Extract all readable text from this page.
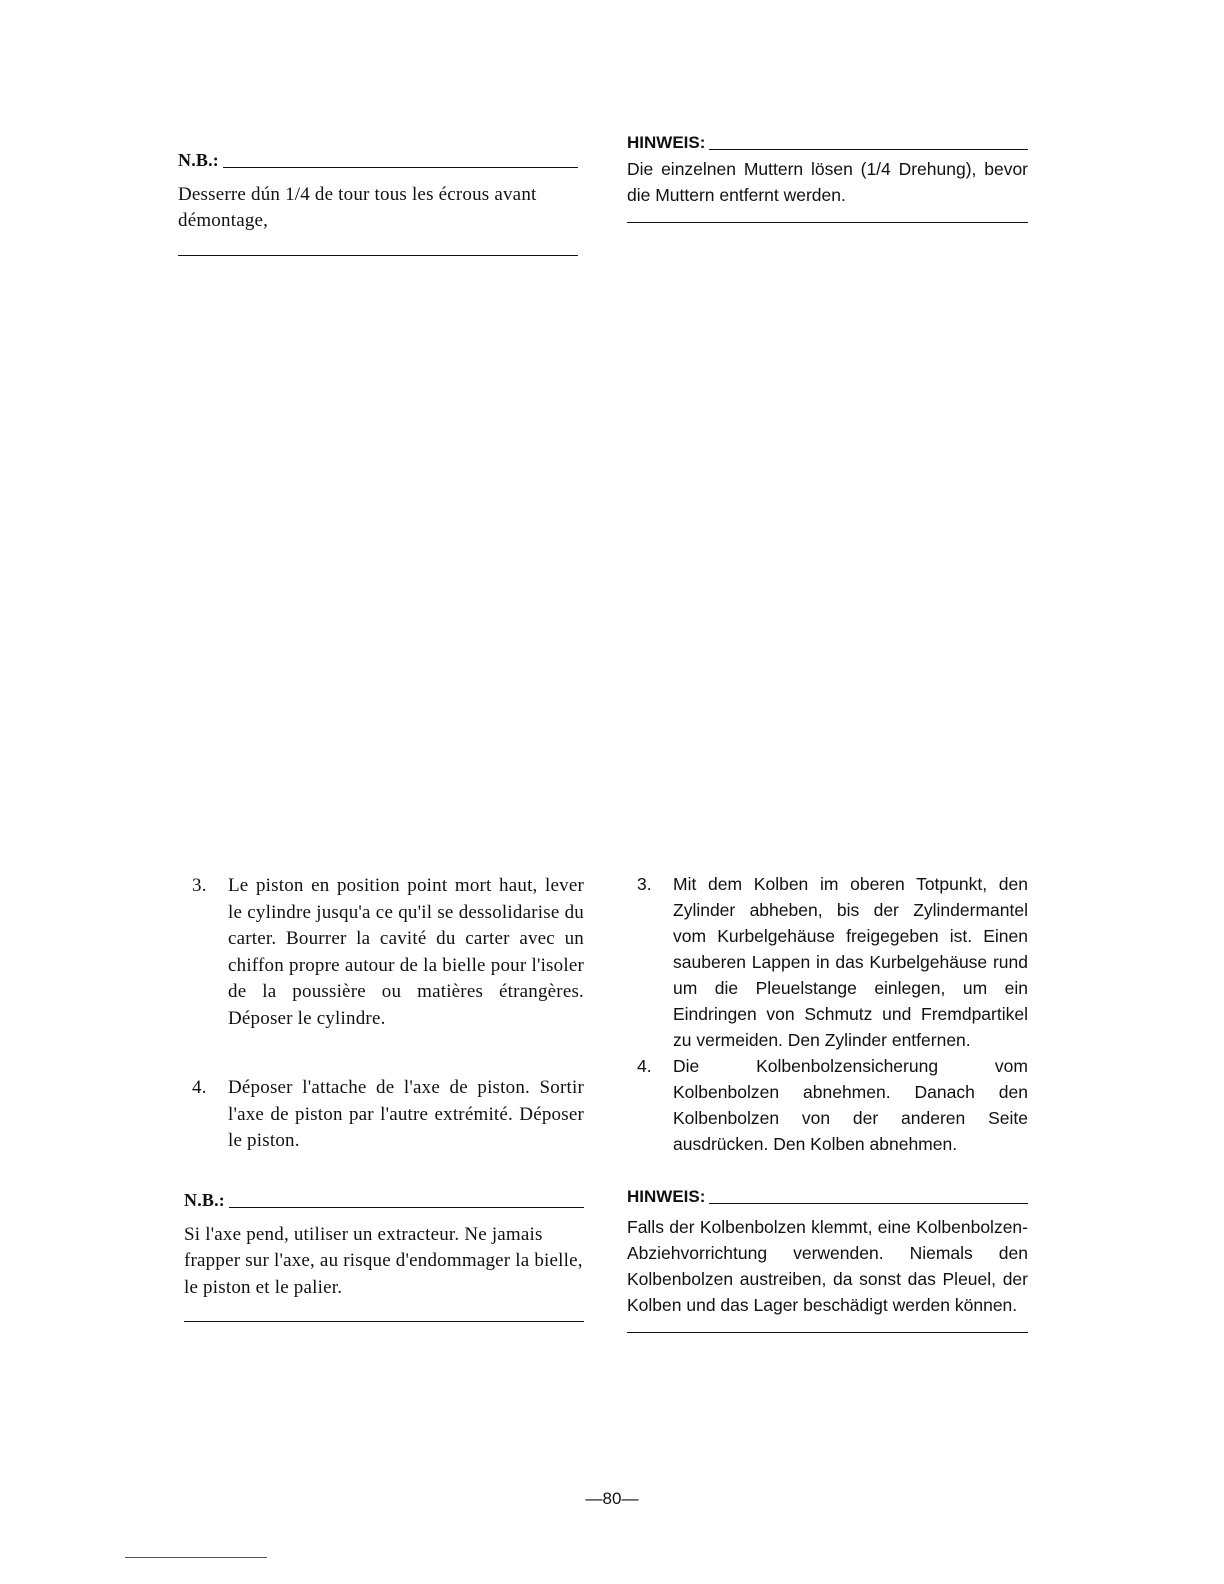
N.B.:

Desserre dún 1/4 de tour tous les écrous avant démontage,

HINWEIS:

Die einzelnen Muttern lösen (1/4 Drehung), bevor die Muttern entfernt werden.

3.	Le piston en position point mort haut, lever le cylindre jusqu'a ce qu'il se dessolidarise du carter. Bourrer la cavité du carter avec un chiffon propre autour de la bielle pour l'isoler de la poussière ou matières étrangères. Déposer le cylindre.
4.	Déposer l'attache de l'axe de piston. Sortir l'axe de piston par l'autre extrémité. Déposer le piston.
N.B.:

Si l'axe pend, utiliser un extracteur. Ne jamais frapper sur l'axe, au risque d'endommager la bielle, le piston et le palier.

3.	Mit dem Kolben im oberen Totpunkt, den Zylinder abheben, bis der Zylindermantel vom Kurbelgehäuse freigegeben ist. Einen sauberen Lappen in das Kurbelgehäuse rund um die Pleuelstange einlegen, um ein Eindringen von Schmutz und Fremdpartikel zu vermeiden. Den Zylinder entfernen.
4.	Die Kolbenbolzensicherung vom Kolbenbolzen abnehmen. Danach den Kolbenbolzen von der anderen Seite ausdrücken. Den Kolben abnehmen.
HINWEIS:

Falls der Kolbenbolzen klemmt, eine Kolbenbolzen-Abziehvorrichtung verwenden. Niemals den Kolbenbolzen austreiben, da sonst das Pleuel, der Kolben und das Lager beschädigt werden können.

—80—
